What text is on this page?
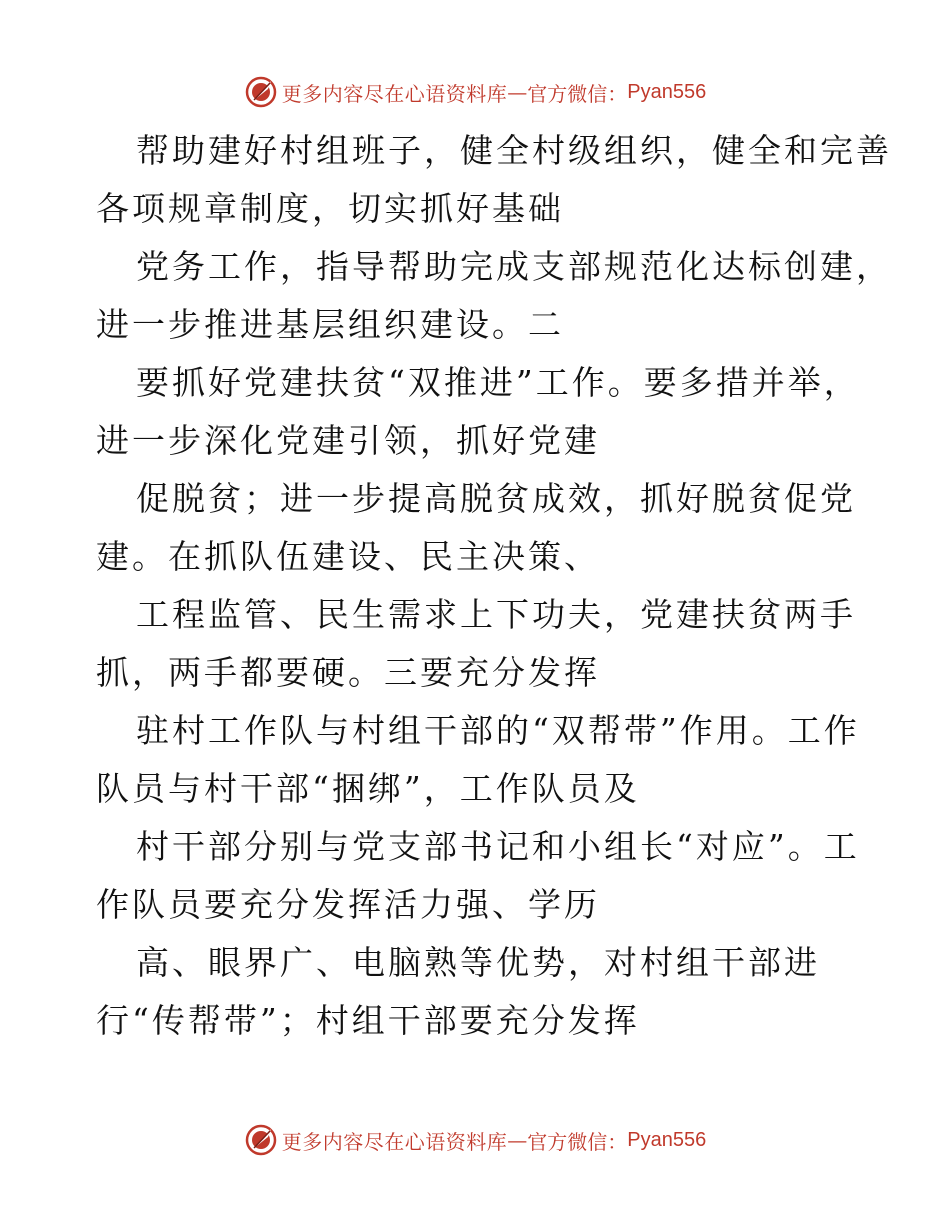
更多内容尽在心语资料库 — 官方微信： Pyan556

帮助建好村组班子，健全村级组织，健全和完善
各项规章制度，切实抓好基础

党务工作，指导帮助完成支部规范化达标创建，
进一步推进基层组织建设。二

要抓好党建扶贫“双推进”工作。要多措并举，
进一步深化党建引领，抓好党建

促脱贫；进一步提高脱贫成效，抓好脱贫促党
建。在抓队伍建设、民主决策、

工程监管、民生需求上下功夫，党建扶贫两手
抓，两手都要硬。三要充分发挥

驻村工作队与村组干部的“双帮带”作用。工作
队员与村干部“捆绑”，工作队员及

村干部分别与党支部书记和小组长“对应”。工
作队员要充分发挥活力强、学历

高、眼界广、电脑熟等优势，对村组干部进
行“传帮带”；村组干部要充分发挥

更多内容尽在心语资料库 — 官方微信： Pyan556
